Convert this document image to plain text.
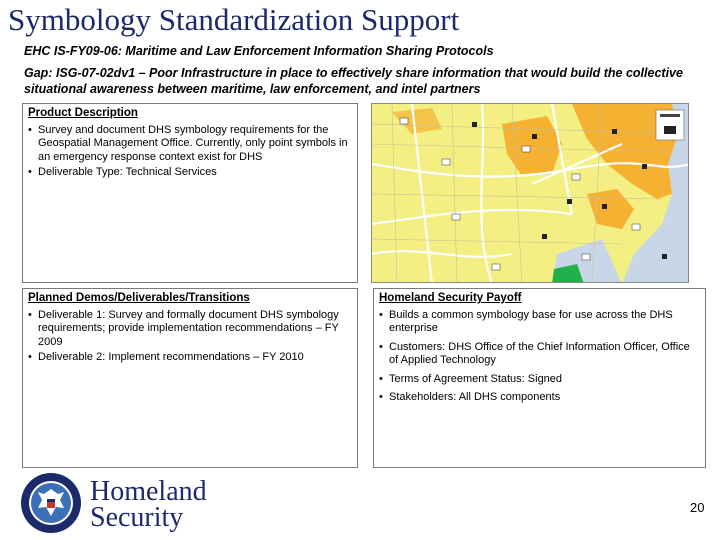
Symbology Standardization Support
EHC IS-FY09-06: Maritime and Law Enforcement Information Sharing Protocols
Gap: ISG-07-02dv1 – Poor Infrastructure in place to effectively share information that would build the collective situational awareness between maritime, law enforcement, and intel partners
Product Description
• Survey and document DHS symbology requirements for the Geospatial Management Office. Currently, only point symbols in an emergency response context exist for DHS
• Deliverable Type: Technical Services
Planned Demos/Deliverables/Transitions
• Deliverable 1: Survey and formally document DHS symbology requirements; provide implementation recommendations – FY 2009
• Deliverable 2: Implement recommendations – FY 2010
Homeland Security Payoff
• Builds a common symbology base for use across the DHS enterprise
• Customers: DHS Office of the Chief Information Officer, Office of Applied Technology
• Terms of Agreement Status: Signed
• Stakeholders: All DHS components
Homeland
Security	20
